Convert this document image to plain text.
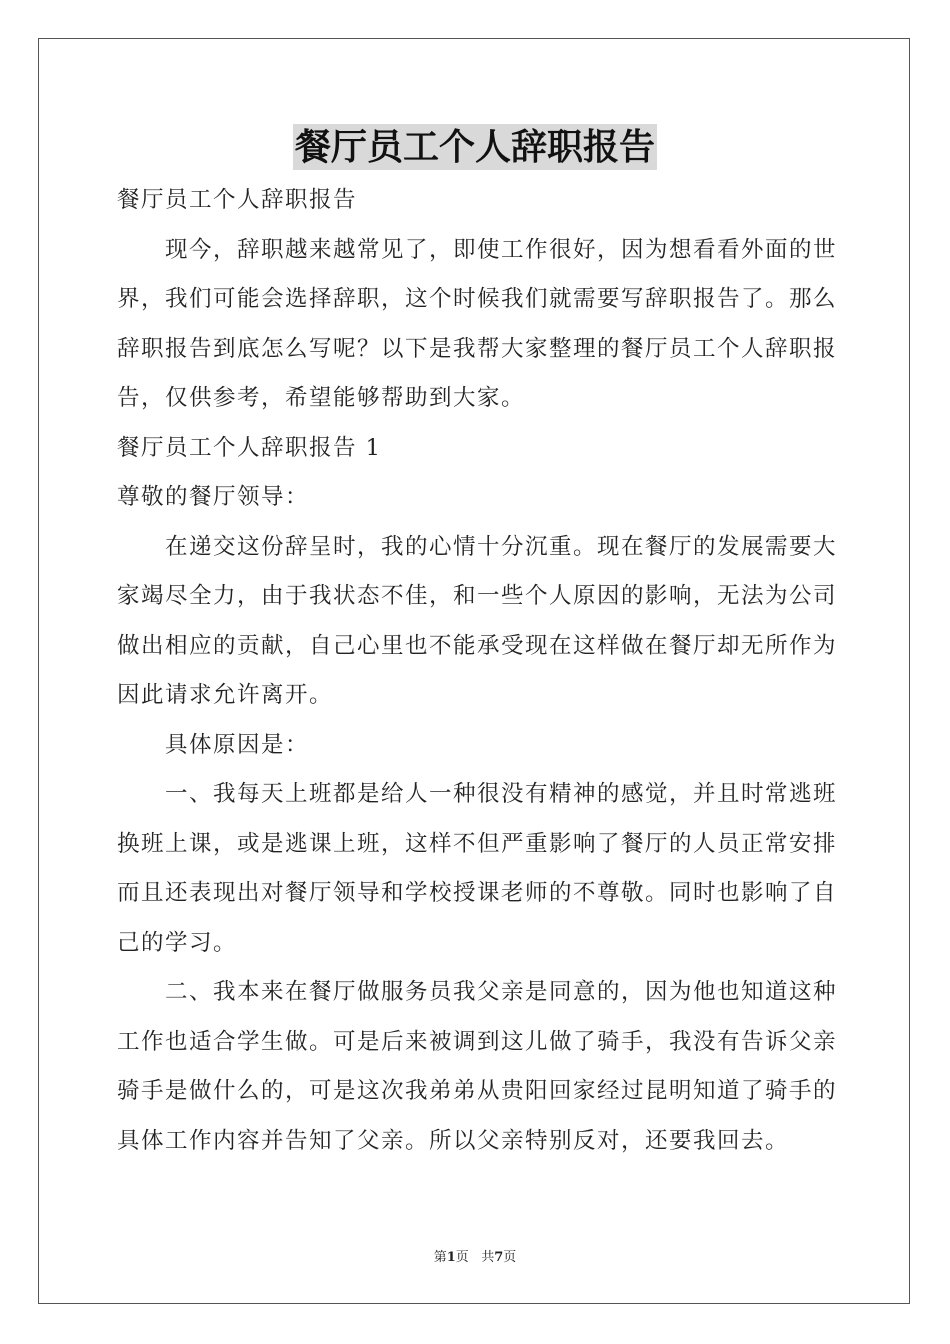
餐厅员工个人辞职报告
餐厅员工个人辞职报告
现今，辞职越来越常见了，即使工作很好，因为想看看外面的世
界，我们可能会选择辞职，这个时候我们就需要写辞职报告了。那么
辞职报告到底怎么写呢？以下是我帮大家整理的餐厅员工个人辞职报
告，仅供参考，希望能够帮助到大家。
餐厅员工个人辞职报告 1
尊敬的餐厅领导：
在递交这份辞呈时，我的心情十分沉重。现在餐厅的发展需要大
家竭尽全力，由于我状态不佳，和一些个人原因的影响，无法为公司
做出相应的贡献，自己心里也不能承受现在这样做在餐厅却无所作为
因此请求允许离开。
具体原因是：
一、我每天上班都是给人一种很没有精神的感觉，并且时常逃班
换班上课，或是逃课上班，这样不但严重影响了餐厅的人员正常安排
而且还表现出对餐厅领导和学校授课老师的不尊敬。同时也影响了自
己的学习。
二、我本来在餐厅做服务员我父亲是同意的，因为他也知道这种
工作也适合学生做。可是后来被调到这儿做了骑手，我没有告诉父亲
骑手是做什么的，可是这次我弟弟从贵阳回家经过昆明知道了骑手的
具体工作内容并告知了父亲。所以父亲特别反对，还要我回去。
第1页 共7页
